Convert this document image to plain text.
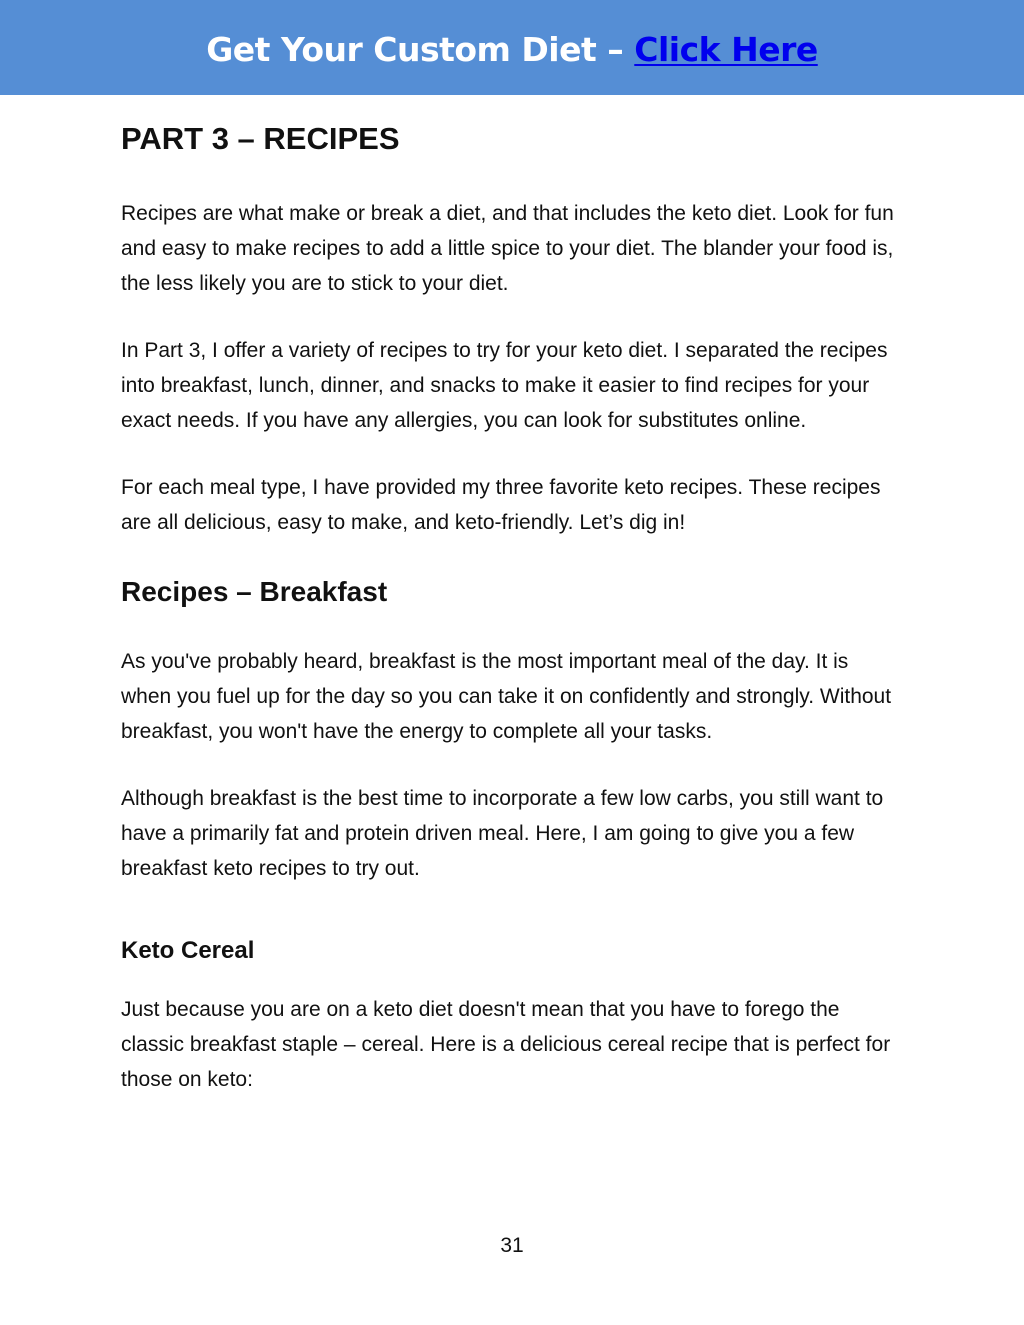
Get Your Custom Diet – Click Here
PART 3 – RECIPES

Recipes are what make or break a diet, and that includes the keto diet. Look for fun and easy to make recipes to add a little spice to your diet. The blander your food is, the less likely you are to stick to your diet.

In Part 3, I offer a variety of recipes to try for your keto diet. I separated the recipes into breakfast, lunch, dinner, and snacks to make it easier to find recipes for your exact needs. If you have any allergies, you can look for substitutes online.

For each meal type, I have provided my three favorite keto recipes. These recipes are all delicious, easy to make, and keto-friendly. Let’s dig in!

Recipes – Breakfast

As you've probably heard, breakfast is the most important meal of the day. It is when you fuel up for the day so you can take it on confidently and strongly. Without breakfast, you won't have the energy to complete all your tasks.

Although breakfast is the best time to incorporate a few low carbs, you still want to have a primarily fat and protein driven meal. Here, I am going to give you a few breakfast keto recipes to try out.

Keto Cereal

Just because you are on a keto diet doesn't mean that you have to forego the classic breakfast staple – cereal. Here is a delicious cereal recipe that is perfect for those on keto:

31
